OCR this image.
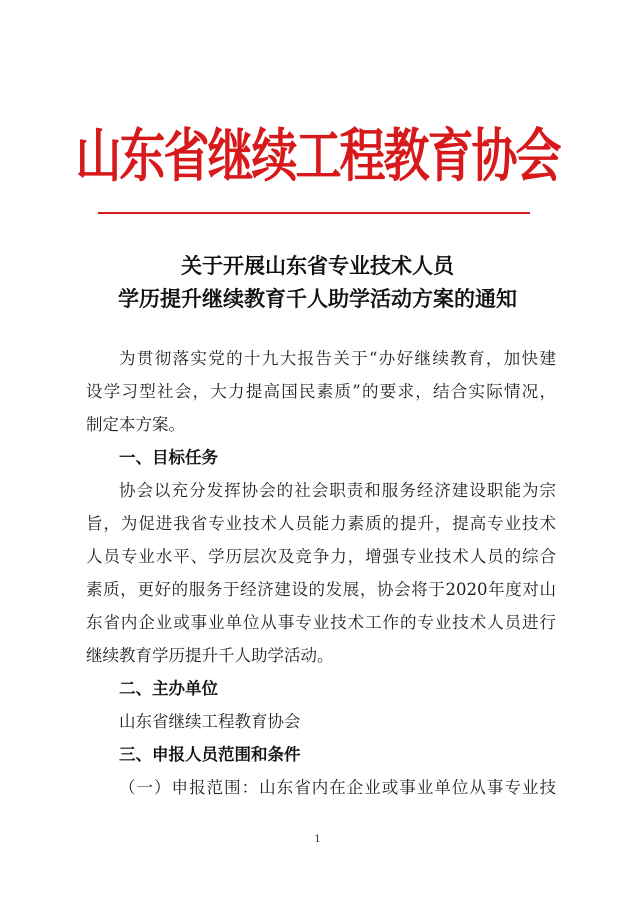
山东省继续工程教育协会
关于开展山东省专业技术人员
学历提升继续教育千人助学活动方案的通知
为贯彻落实党的十九大报告关于“办好继续教育，加快建
设学习型社会，大力提高国民素质”的要求，结合实际情况，
制定本方案。
一、目标任务
协会以充分发挥协会的社会职责和服务经济建设职能为宗
旨，为促进我省专业技术人员能力素质的提升，提高专业技术
人员专业水平、学历层次及竞争力，增强专业技术人员的综合
素质，更好的服务于经济建设的发展，协会将于2020年度对山
东省内企业或事业单位从事专业技术工作的专业技术人员进行
继续教育学历提升千人助学活动。
二、主办单位
山东省继续工程教育协会
三、申报人员范围和条件
（一）申报范围：山东省内在企业或事业单位从事专业技
1
